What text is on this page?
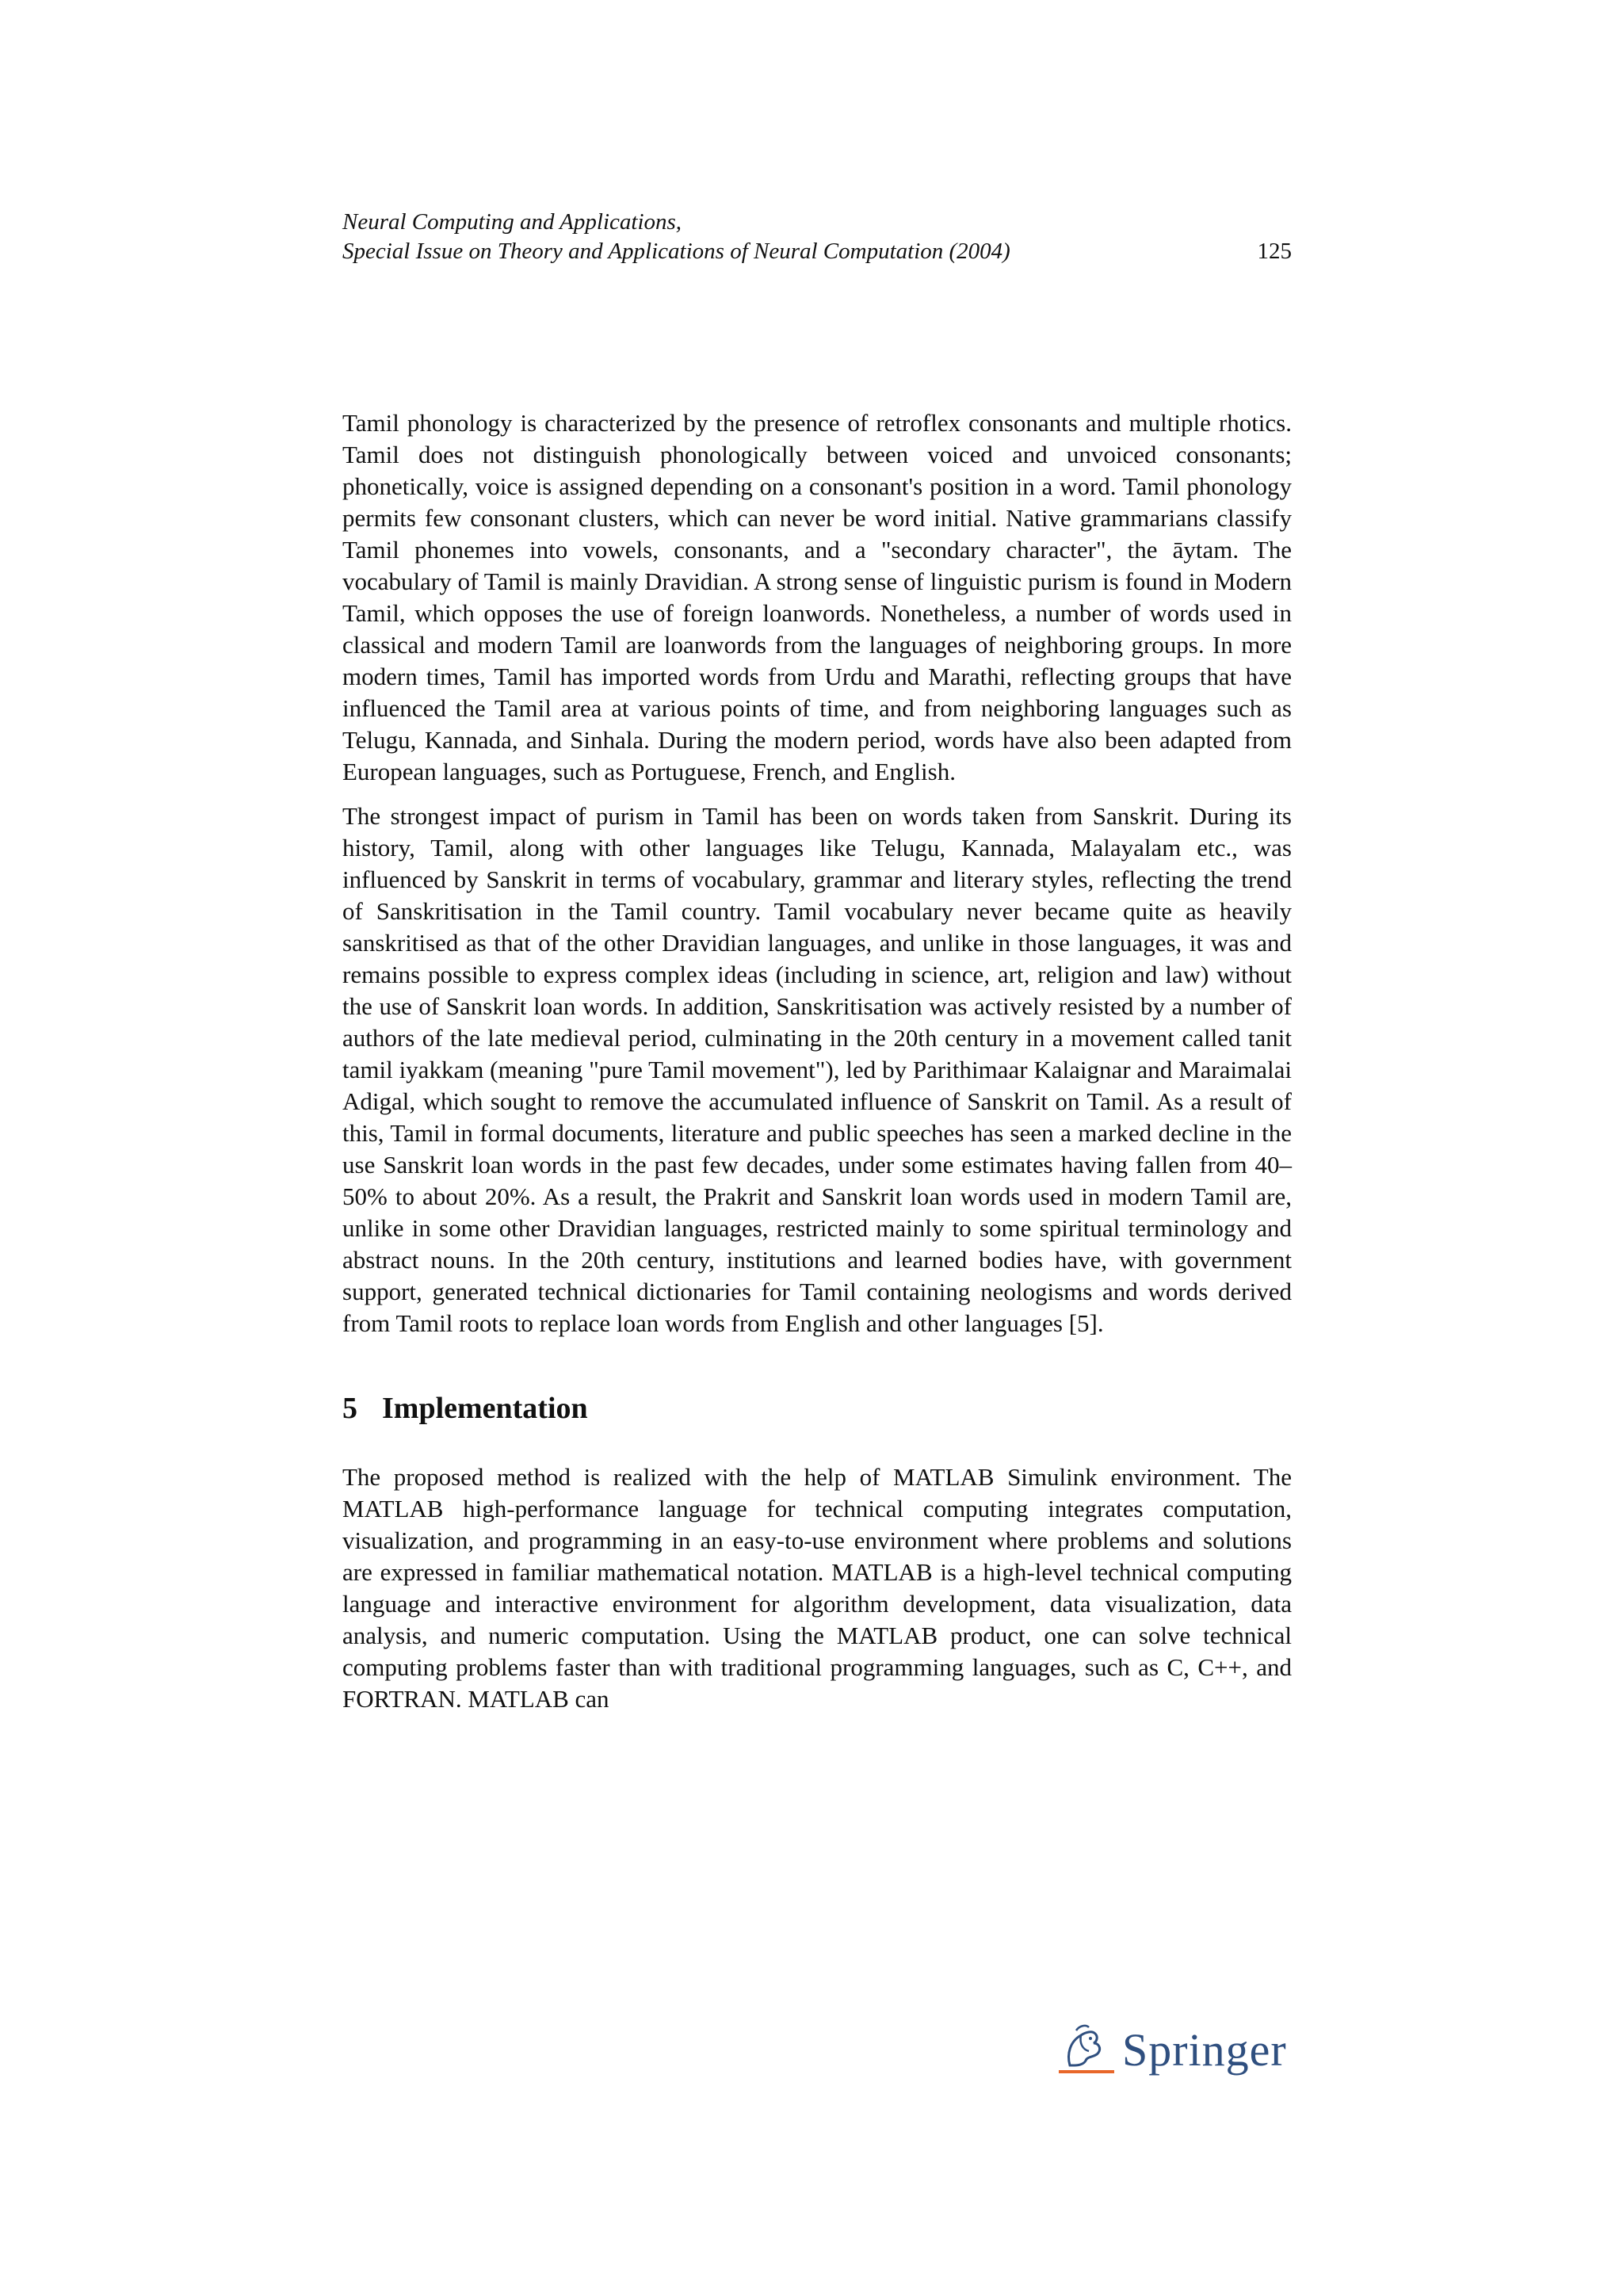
Neural Computing and Applications,
Special Issue on Theory and Applications of Neural Computation (2004)	125

Tamil phonology is characterized by the presence of retroflex consonants and multiple rhotics. Tamil does not distinguish phonologically between voiced and unvoiced consonants; phonetically, voice is assigned depending on a consonant's position in a word. Tamil phonology permits few consonant clusters, which can never be word initial. Native grammarians classify Tamil phonemes into vowels, consonants, and a "secondary character", the āytam. The vocabulary of Tamil is mainly Dravidian. A strong sense of linguistic purism is found in Modern Tamil, which opposes the use of foreign loanwords. Nonetheless, a number of words used in classical and modern Tamil are loanwords from the languages of neighboring groups. In more modern times, Tamil has imported words from Urdu and Marathi, reflecting groups that have influenced the Tamil area at various points of time, and from neighboring languages such as Telugu, Kannada, and Sinhala. During the modern period, words have also been adapted from European languages, such as Portuguese, French, and English.

The strongest impact of purism in Tamil has been on words taken from Sanskrit. During its history, Tamil, along with other languages like Telugu, Kannada, Malayalam etc., was influenced by Sanskrit in terms of vocabulary, grammar and literary styles, reflecting the trend of Sanskritisation in the Tamil country. Tamil vocabulary never became quite as heavily sanskritised as that of the other Dravidian languages, and unlike in those languages, it was and remains possible to express complex ideas (including in science, art, religion and law) without the use of Sanskrit loan words. In addition, Sanskritisation was actively resisted by a number of authors of the late medieval period, culminating in the 20th century in a movement called tanit tamil iyakkam (meaning "pure Tamil movement"), led by Parithimaar Kalaignar and Maraimalai Adigal, which sought to remove the accumulated influence of Sanskrit on Tamil. As a result of this, Tamil in formal documents, literature and public speeches has seen a marked decline in the use Sanskrit loan words in the past few decades, under some estimates having fallen from 40–50% to about 20%. As a result, the Prakrit and Sanskrit loan words used in modern Tamil are, unlike in some other Dravidian languages, restricted mainly to some spiritual terminology and abstract nouns. In the 20th century, institutions and learned bodies have, with government support, generated technical dictionaries for Tamil containing neologisms and words derived from Tamil roots to replace loan words from English and other languages [5].

5 Implementation

The proposed method is realized with the help of MATLAB Simulink environment. The MATLAB high-performance language for technical computing integrates computation, visualization, and programming in an easy-to-use environment where problems and solutions are expressed in familiar mathematical notation. MATLAB is a high-level technical computing language and interactive environment for algorithm development, data visualization, data analysis, and numeric computation. Using the MATLAB product, one can solve technical computing problems faster than with traditional programming languages, such as C, C++, and FORTRAN. MATLAB can

Springer
